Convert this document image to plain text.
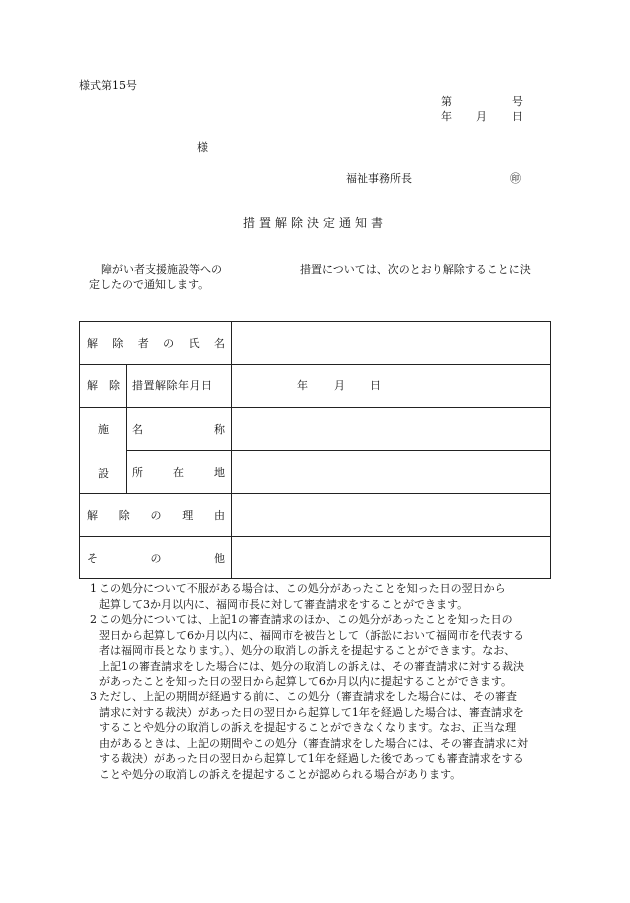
様式第15号
第	号
年 月 日
様
福祉事務所長	㊞
措置解除決定通知書
障がい者支援施設等への	措置については、次のとおり解除することに決
定したので通知します。
解 除 者 の 氏 名
解 除 措置解除年月日	年 月 日
施
設
名	称
所	在	地
解 除 の 理 由
そ	の	他
1 この処分について不服がある場合は、この処分があったことを知った日の翌日から
起算して3か月以内に、福岡市長に対して審査請求をすることができます。
2 この処分については、上記1の審査請求のほか、この処分があったことを知った日の
翌日から起算して6か月以内に、福岡市を被告として（訴訟において福岡市を代表する
者は福岡市長となります。）、処分の取消しの訴えを提起することができます。なお、
上記1の審査請求をした場合には、処分の取消しの訴えは、その審査請求に対する裁決
があったことを知った日の翌日から起算して6か月以内に提起することができます。
3 ただし、上記の期間が経過する前に、この処分（審査請求をした場合には、その審査
請求に対する裁決）があった日の翌日から起算して1年を経過した場合は、審査請求を
することや処分の取消しの訴えを提起することができなくなります。なお、正当な理
由があるときは、上記の期間やこの処分（審査請求をした場合には、その審査請求に対
する裁決）があった日の翌日から起算して1年を経過した後であっても審査請求をする
ことや処分の取消しの訴えを提起することが認められる場合があります。
